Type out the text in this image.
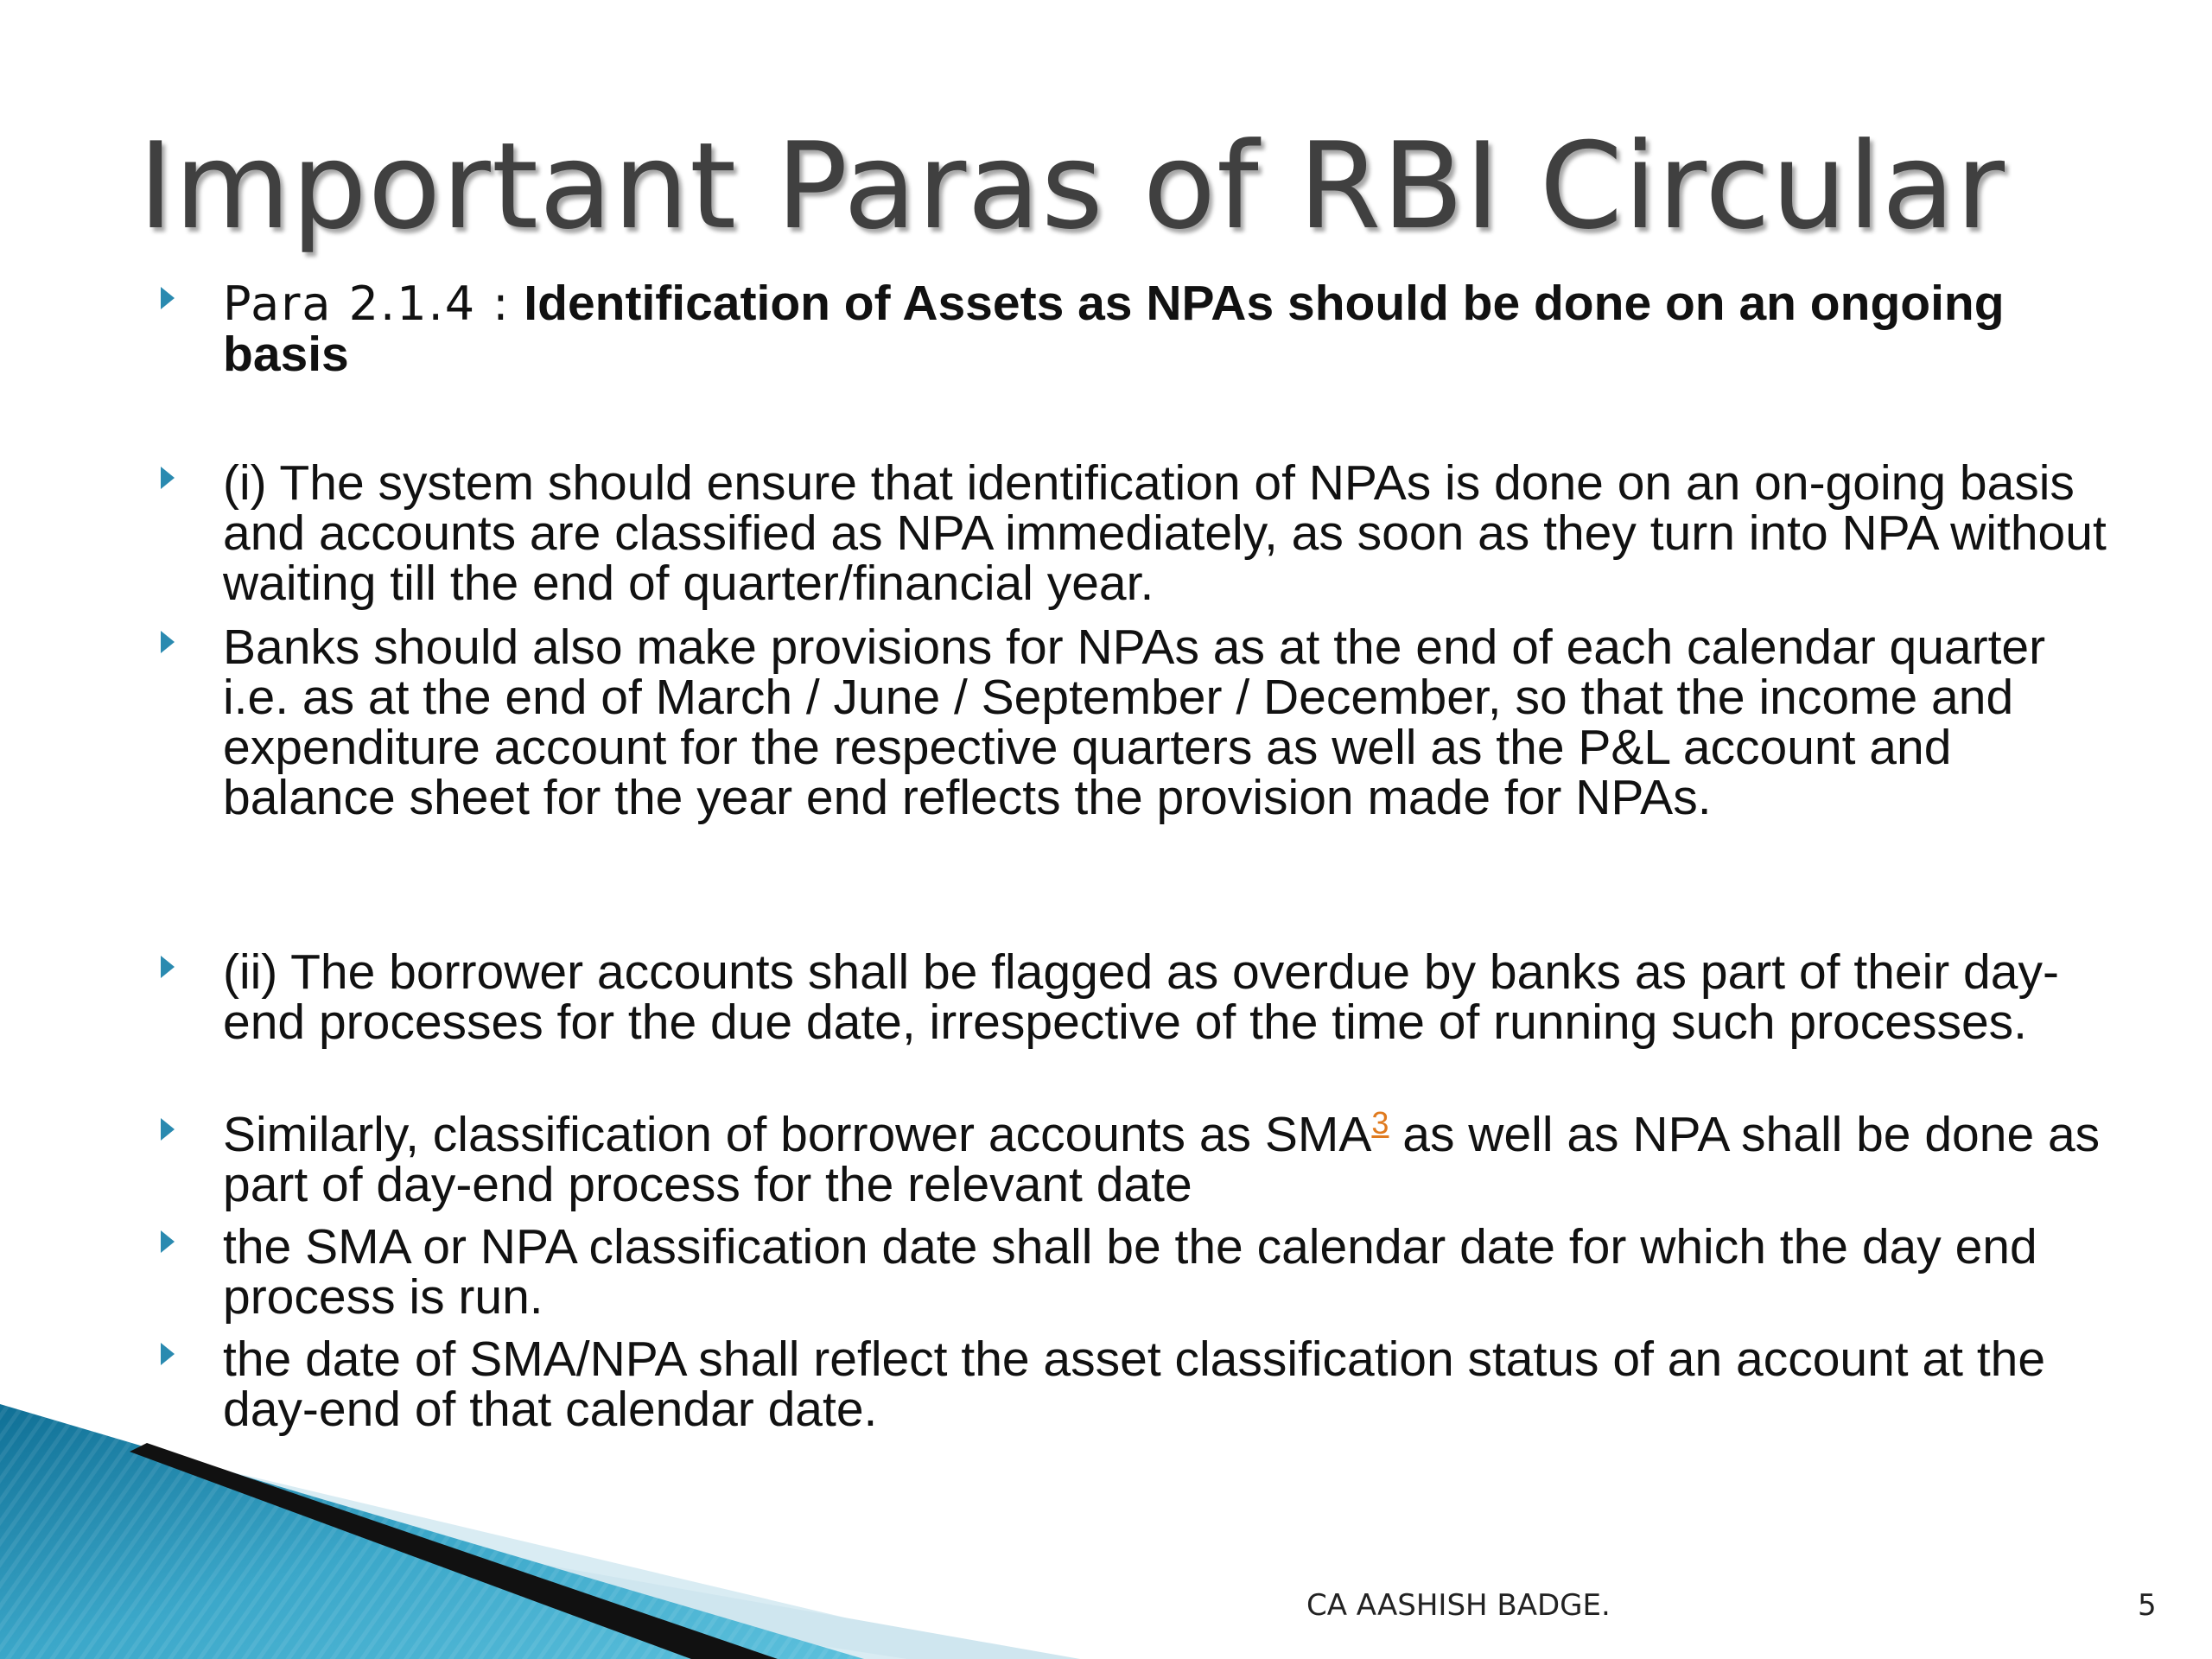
Important Paras of RBI Circular
Para 2.1.4 : Identification of Assets as NPAs should be done on an ongoing basis
(i) The system should ensure that identification of NPAs is done on an on-going basis and accounts are classified as NPA immediately, as soon as they turn into NPA without waiting till the end of quarter/financial year.
Banks should also make provisions for NPAs as at the end of each calendar quarter i.e. as at the end of March / June / September / December, so that the income and expenditure account for the respective quarters as well as the P&L account and balance sheet for the year end reflects the provision made for NPAs.
(ii) The borrower accounts shall be flagged as overdue by banks as part of their day-end processes for the due date, irrespective of the time of running such processes.
Similarly, classification of borrower accounts as SMA$^3$ as well as NPA shall be done as part of day-end process for the relevant date
the SMA or NPA classification date shall be the calendar date for which the day end process is run.
the date of SMA/NPA shall reflect the asset classification status of an account at the day-end of that calendar date.
CA AASHISH BADGE.	5
